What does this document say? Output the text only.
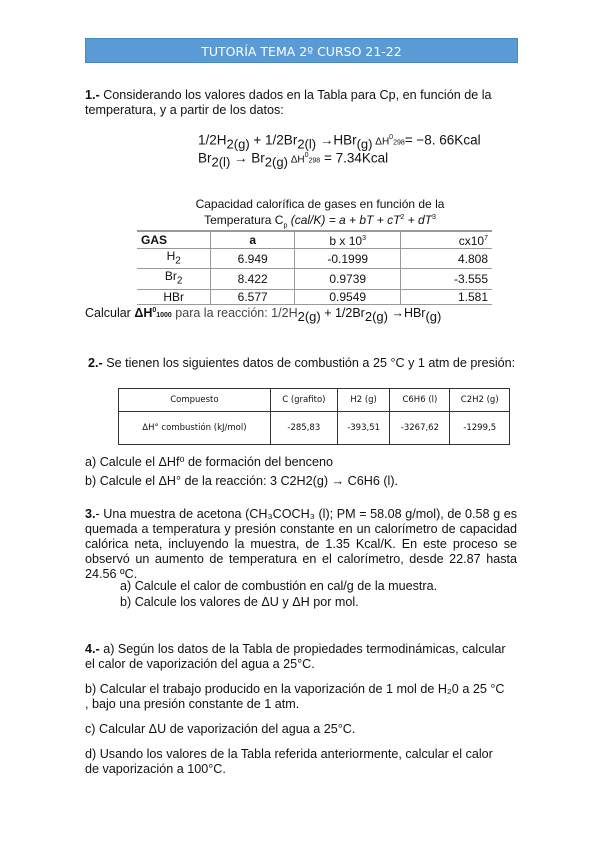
TUTORÍA TEMA 2º CURSO 21-22

1.- Considerando los valores dados en la Tabla para Cp, en función de la temperatura, y a partir de los datos:

$1/2H_{2(g)} + 1/2Br_{2(l)} \to HBr_{(g)}$ $\Delta H^0298= -8$. 66Kcal
$Br_{2(l)} \to Br_{2(g)}$ $\Delta H^0298$ = 7.34Kcal
Capacidad calorífica de gases en función de la
Temperatura $C_p$ (cal/K) = a + bT + $cT^2 + dT^3$
GAS	a	b x $10^3$	$cx10^7$
$H_2$	6.949	-0.1999	4.808
$Br_2$	8.422	0.9739	-3.555
HBr	6.577	0.9549	1.581
Calcular $\Delta H^01000$ para la reacción: $1/2H_{2(g)} + 1/2Br_{2(g)} \to HBr_{(g)}$

2.- Se tienen los siguientes datos de combustión a 25 °C y 1 atm de presión:

Compuesto	C (grafito)	H2 (g)	C6H6 (l)	C2H2 (g)
ΔH° combustión (kJ/mol)	-285,83	-393,51	-3267,62	-1299,5

a) Calcule el ΔHf⁰ de formación del benceno

b) Calcule el ΔH° de la reacción: 3 C2H2(g) → C6H6 (l).

3.- Una muestra de acetona (CH₃COCH₃ (l); PM = 58.08 g/mol), de 0.58 g es quemada a temperatura y presión constante en un calorímetro de capacidad calórica neta, incluyendo la muestra, de 1.35 Kcal/K. En este proceso se observó un aumento de temperatura en el calorímetro, desde 22.87 hasta 24.56 ºC.

a) Calcule el calor de combustión en cal/g de la muestra.

b) Calcule los valores de ΔU y ΔH por mol.

4.- a) Según los datos de la Tabla de propiedades termodinámicas, calcular el calor de vaporización del agua a 25°C.

b) Calcular el trabajo producido en la vaporización de 1 mol de H₂0 a 25 °C , bajo una presión constante de 1 atm.

c) Calcular ΔU de vaporización del agua a 25°C.

d) Usando los valores de la Tabla referida anteriormente, calcular el calor de vaporización a 100°C.
